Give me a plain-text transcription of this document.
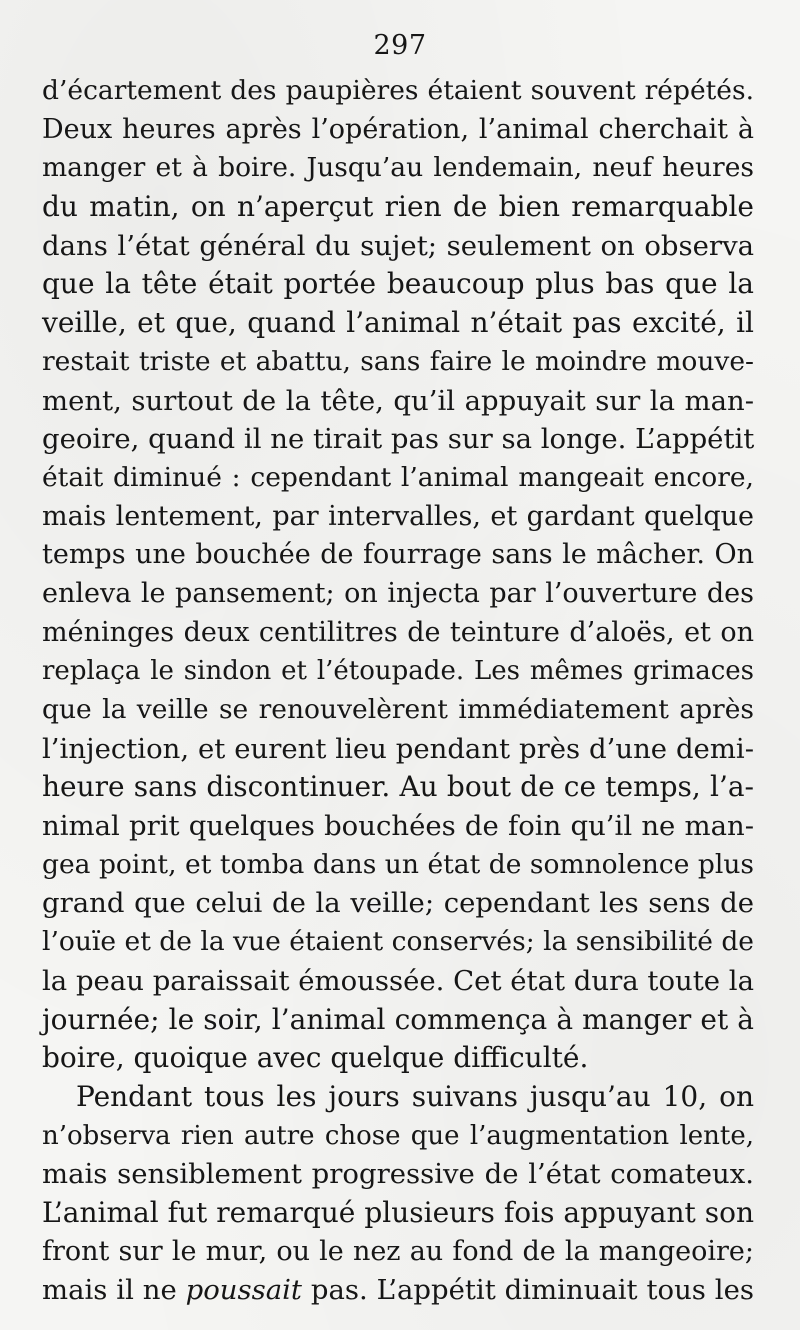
297
d’écartement des paupières étaient souvent répétés.
Deux heures après l’opération, l’animal cherchait à
manger et à boire. Jusqu’au lendemain, neuf heures
du matin, on n’aperçut rien de bien remarquable
dans l’état général du sujet; seulement on observa
que la tête était portée beaucoup plus bas que la
veille, et que, quand l’animal n’était pas excité, il
restait triste et abattu, sans faire le moindre mouve-
ment, surtout de la tête, qu’il appuyait sur la man-
geoire, quand il ne tirait pas sur sa longe. L’appétit
était diminué : cependant l’animal mangeait encore,
mais lentement, par intervalles, et gardant quelque
temps une bouchée de fourrage sans le mâcher. On
enleva le pansement; on injecta par l’ouverture des
méninges deux centilitres de teinture d’aloës, et on
replaça le sindon et l’étoupade. Les mêmes grimaces
que la veille se renouvelèrent immédiatement après
l’injection, et eurent lieu pendant près d’une demi-
heure sans discontinuer. Au bout de ce temps, l’a-
nimal prit quelques bouchées de foin qu’il ne man-
gea point, et tomba dans un état de somnolence plus
grand que celui de la veille; cependant les sens de
l’ouïe et de la vue étaient conservés; la sensibilité de
la peau paraissait émoussée. Cet état dura toute la
journée; le soir, l’animal commença à manger et à
boire, quoique avec quelque difficulté.
Pendant tous les jours suivans jusqu’au 10, on
n’observa rien autre chose que l’augmentation lente,
mais sensiblement progressive de l’état comateux.
L’animal fut remarqué plusieurs fois appuyant son
front sur le mur, ou le nez au fond de la mangeoire;
mais il ne poussait pas. L’appétit diminuait tous les
